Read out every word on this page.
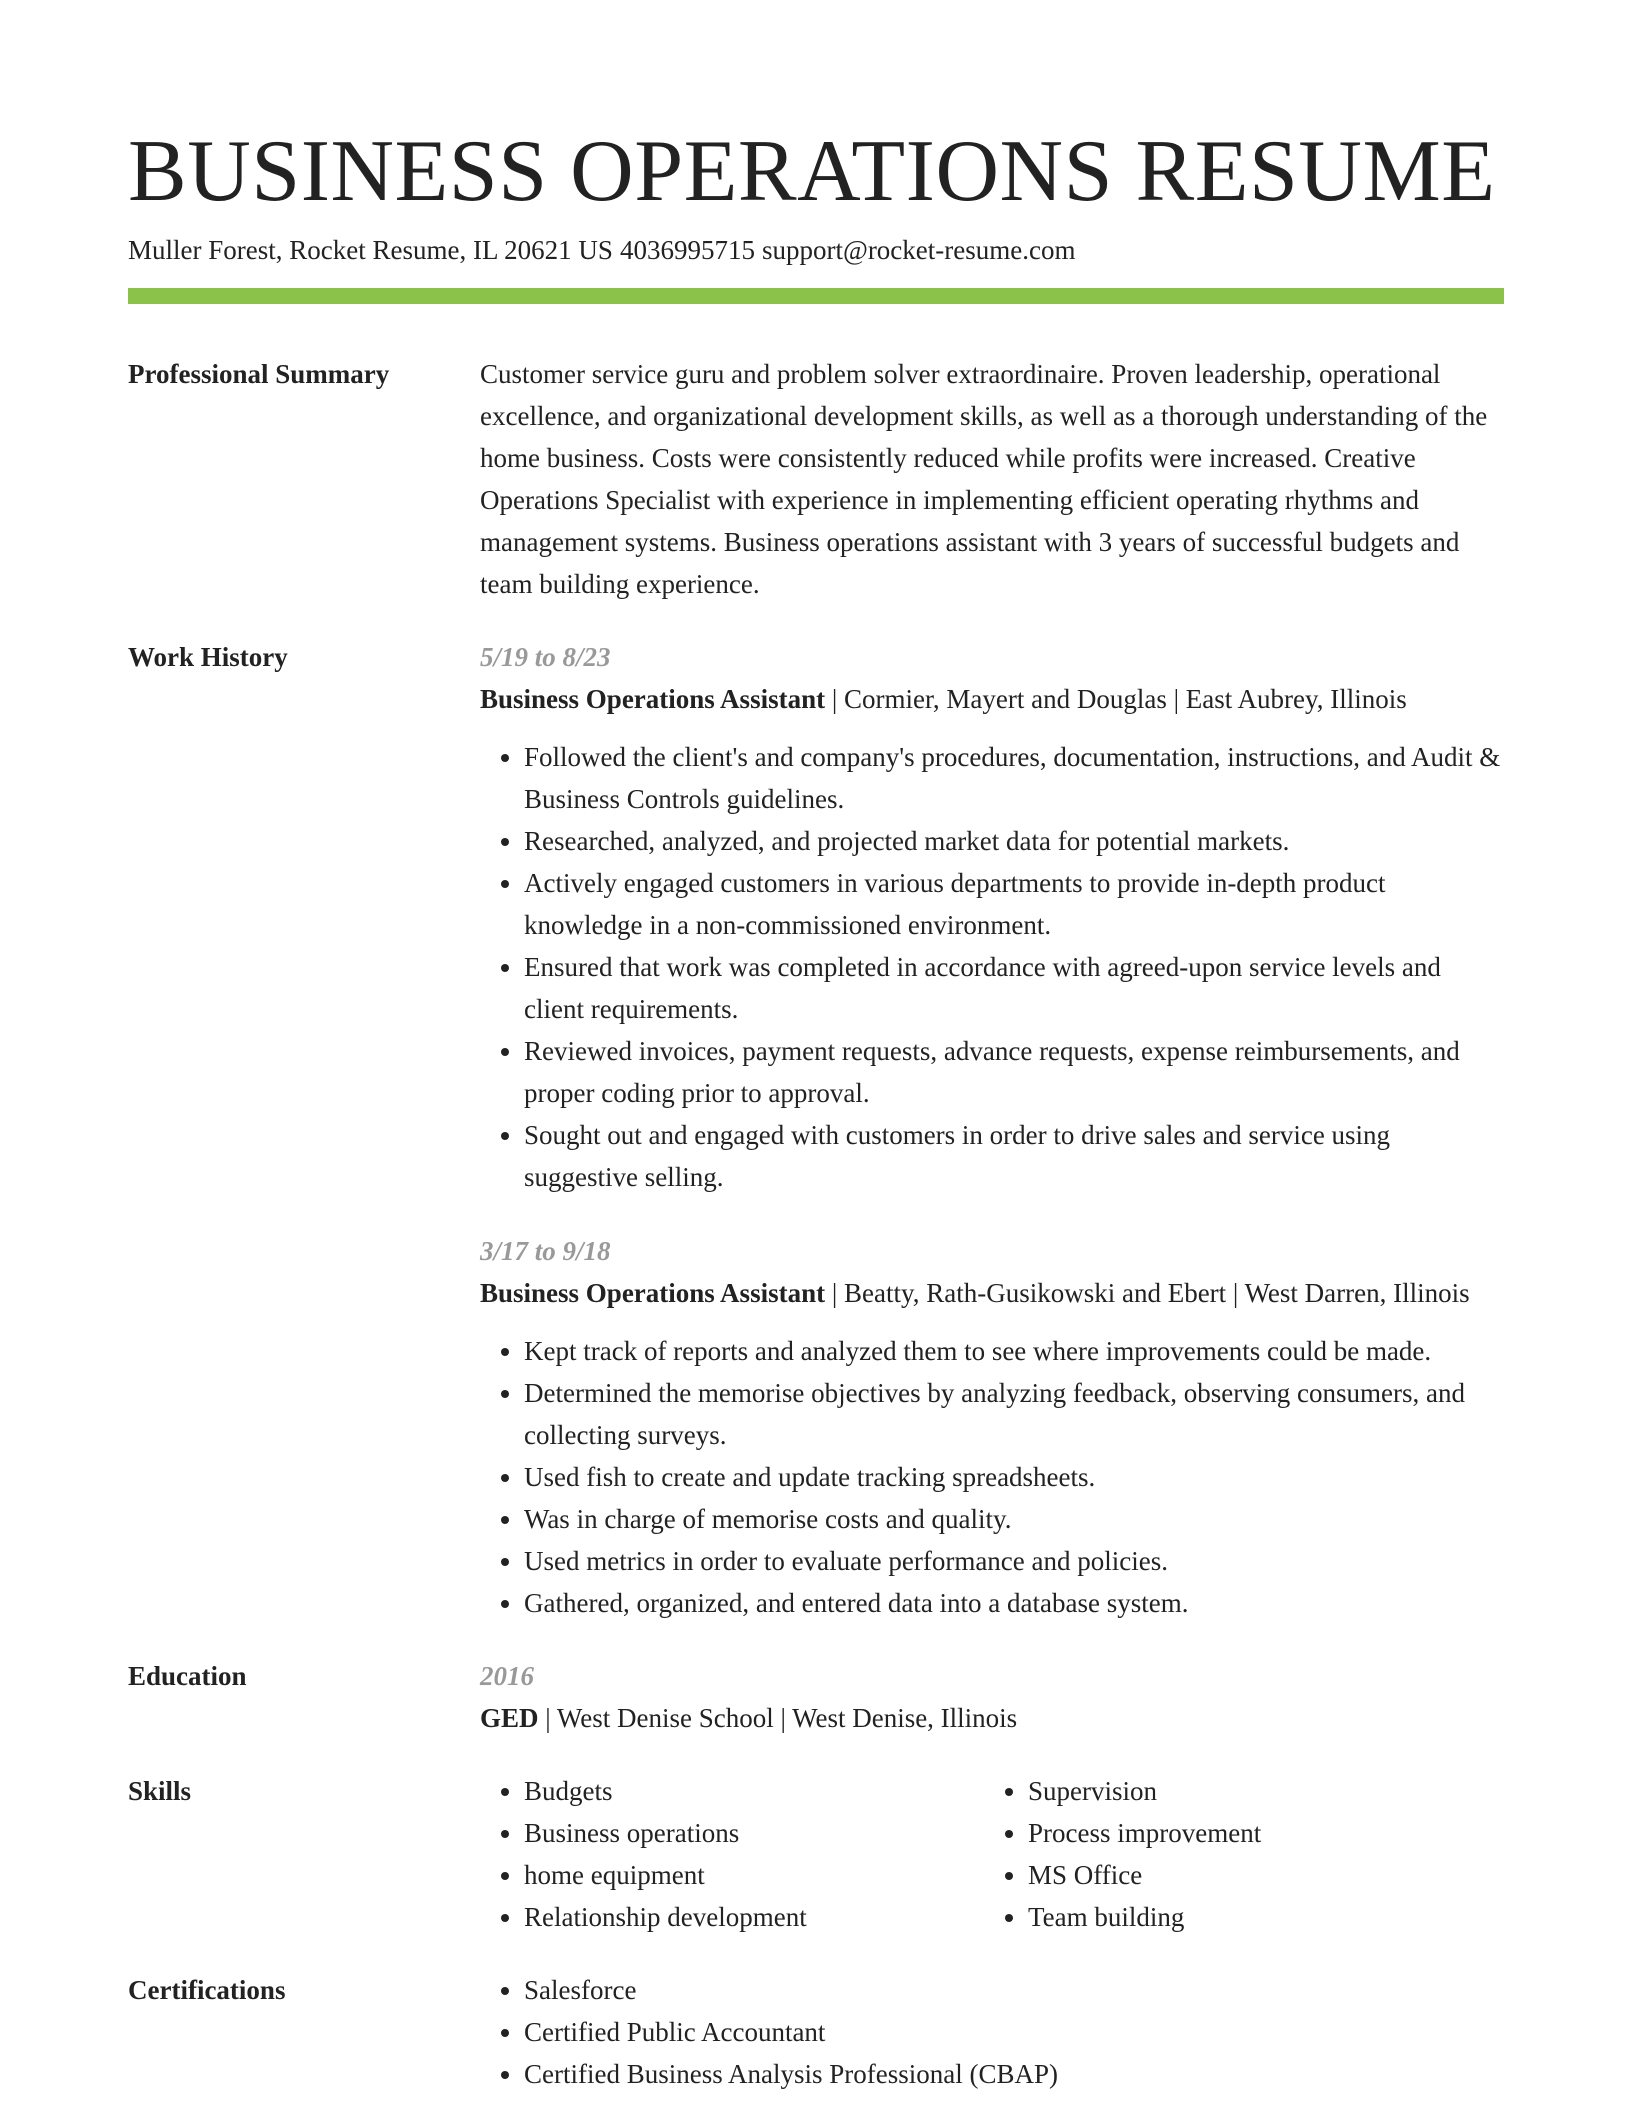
BUSINESS OPERATIONS RESUME
Muller Forest, Rocket Resume, IL 20621 US 4036995715 support@rocket-resume.com
Professional Summary	Customer service guru and problem solver extraordinaire. Proven leadership, operational excellence, and organizational development skills, as well as a thorough understanding of the home business. Costs were consistently reduced while profits were increased. Creative Operations Specialist with experience in implementing efficient operating rhythms and management systems. Business operations assistant with 3 years of successful budgets and team building experience.

Work History	5/19 to 8/23
Business Operations Assistant | Cormier, Mayert and Douglas | East Aubrey, Illinois
• Followed the client's and company's procedures, documentation, instructions, and Audit & Business Controls guidelines.
• Researched, analyzed, and projected market data for potential markets.
• Actively engaged customers in various departments to provide in-depth product knowledge in a non-commissioned environment.
• Ensured that work was completed in accordance with agreed-upon service levels and client requirements.
• Reviewed invoices, payment requests, advance requests, expense reimbursements, and proper coding prior to approval.
• Sought out and engaged with customers in order to drive sales and service using suggestive selling.
3/17 to 9/18
Business Operations Assistant | Beatty, Rath-Gusikowski and Ebert | West Darren, Illinois
• Kept track of reports and analyzed them to see where improvements could be made.
• Determined the memorise objectives by analyzing feedback, observing consumers, and collecting surveys.
• Used fish to create and update tracking spreadsheets.
• Was in charge of memorise costs and quality.
• Used metrics in order to evaluate performance and policies.
• Gathered, organized, and entered data into a database system.
Education	2016
GED | West Denise School | West Denise, Illinois
Skills	• Budgets
• Business operations
• home equipment
• Relationship development
• Supervision
• Process improvement
• MS Office
• Team building
Certifications	• Salesforce
• Certified Public Accountant
• Certified Business Analysis Professional (CBAP)
